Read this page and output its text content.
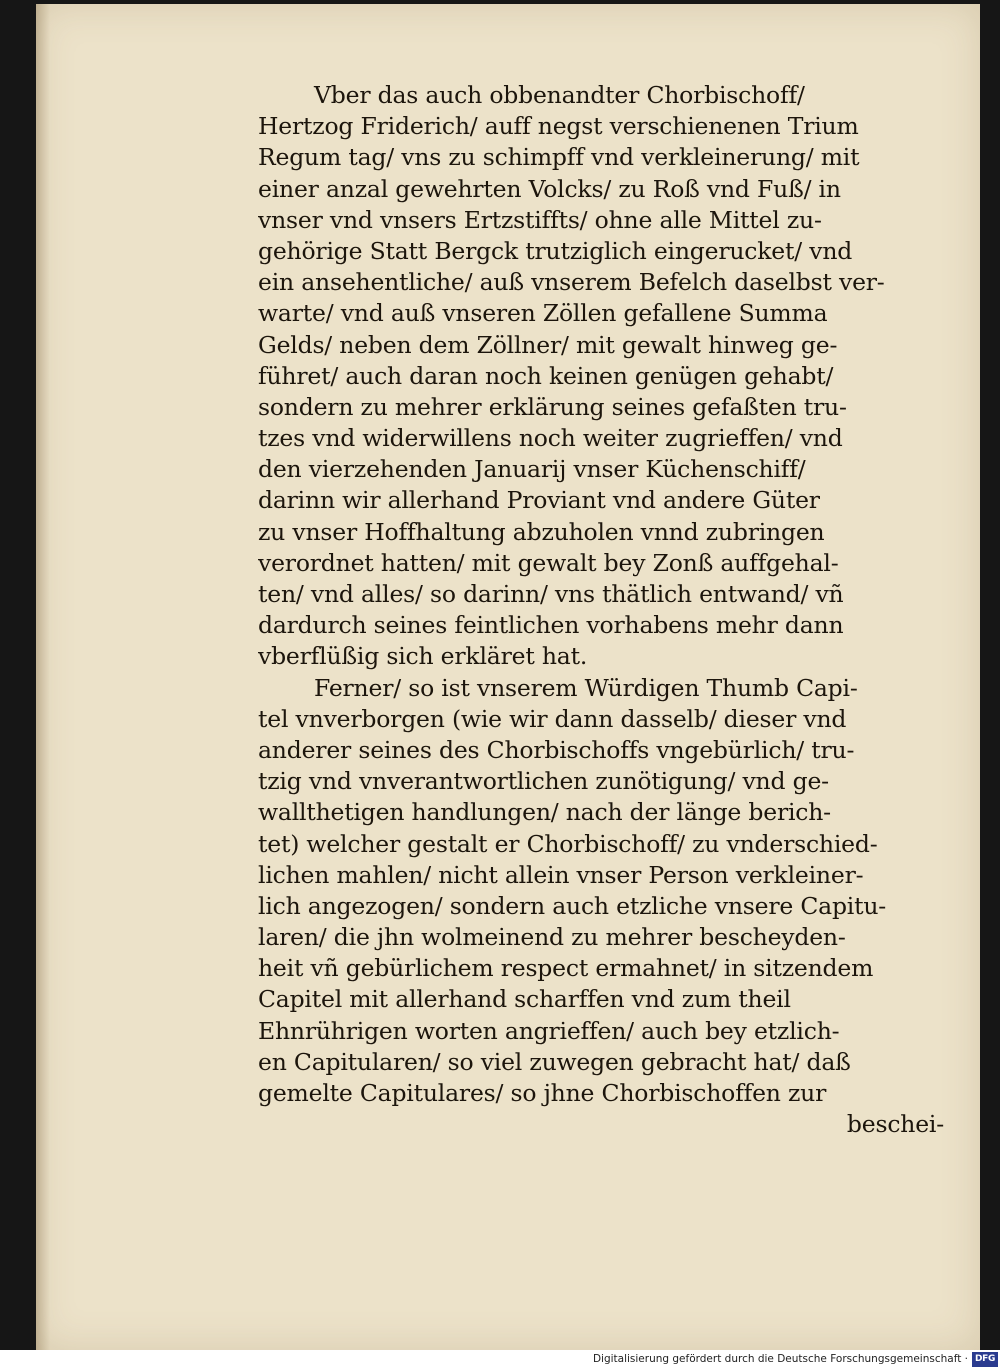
Vber das auch obbenandter Chorbischoff/
Hertzog Friderich/ auff negst verschienenen Trium
Regum tag/ vns zu schimpff vnd verkleinerung/ mit
einer anzal gewehrten Volcks/ zu Roß vnd Fuß/ in
vnser vnd vnsers Ertzstiffts/ ohne alle Mittel zu-
gehörige Statt Bergck trutziglich eingerucket/ vnd
ein ansehentliche/ auß vnserem Befelch daselbst ver-
warte/ vnd auß vnseren Zöllen gefallene Summa
Gelds/ neben dem Zöllner/ mit gewalt hinweg ge-
führet/ auch daran noch keinen genügen gehabt/
sondern zu mehrer erklärung seines gefaßten tru-
tzes vnd widerwillens noch weiter zugrieffen/ vnd
den vierzehenden Januarij vnser Küchenschiff/
darinn wir allerhand Proviant vnd andere Güter
zu vnser Hoffhaltung abzuholen vnnd zubringen
verordnet hatten/ mit gewalt bey Zonß auffgehal-
ten/ vnd alles/ so darinn/ vns thätlich entwand/ vñ
dardurch seines feintlichen vorhabens mehr dann
vberflüßig sich erkläret hat.
Ferner/ so ist vnserem Würdigen Thumb Capi-
tel vnverborgen (wie wir dann dasselb/ dieser vnd
anderer seines des Chorbischoffs vngebürlich/ tru-
tzig vnd vnverantwortlichen zunötigung/ vnd ge-
wallthetigen handlungen/ nach der länge berich-
tet) welcher gestalt er Chorbischoff/ zu vnderschied-
lichen mahlen/ nicht allein vnser Person verkleiner-
lich angezogen/ sondern auch etzliche vnsere Capitu-
laren/ die jhn wolmeinend zu mehrer bescheyden-
heit vñ gebürlichem respect ermahnet/ in sitzendem
Capitel mit allerhand scharffen vnd zum theil
Ehnrührigen worten angrieffen/ auch bey etzlich-
en Capitularen/ so viel zuwegen gebracht hat/ daß
gemelte Capitulares/ so jhne Chorbischoffen zur
beschei-
Digitalisierung gefördert durch die Deutsche Forschungsgemeinschaft · DFG
